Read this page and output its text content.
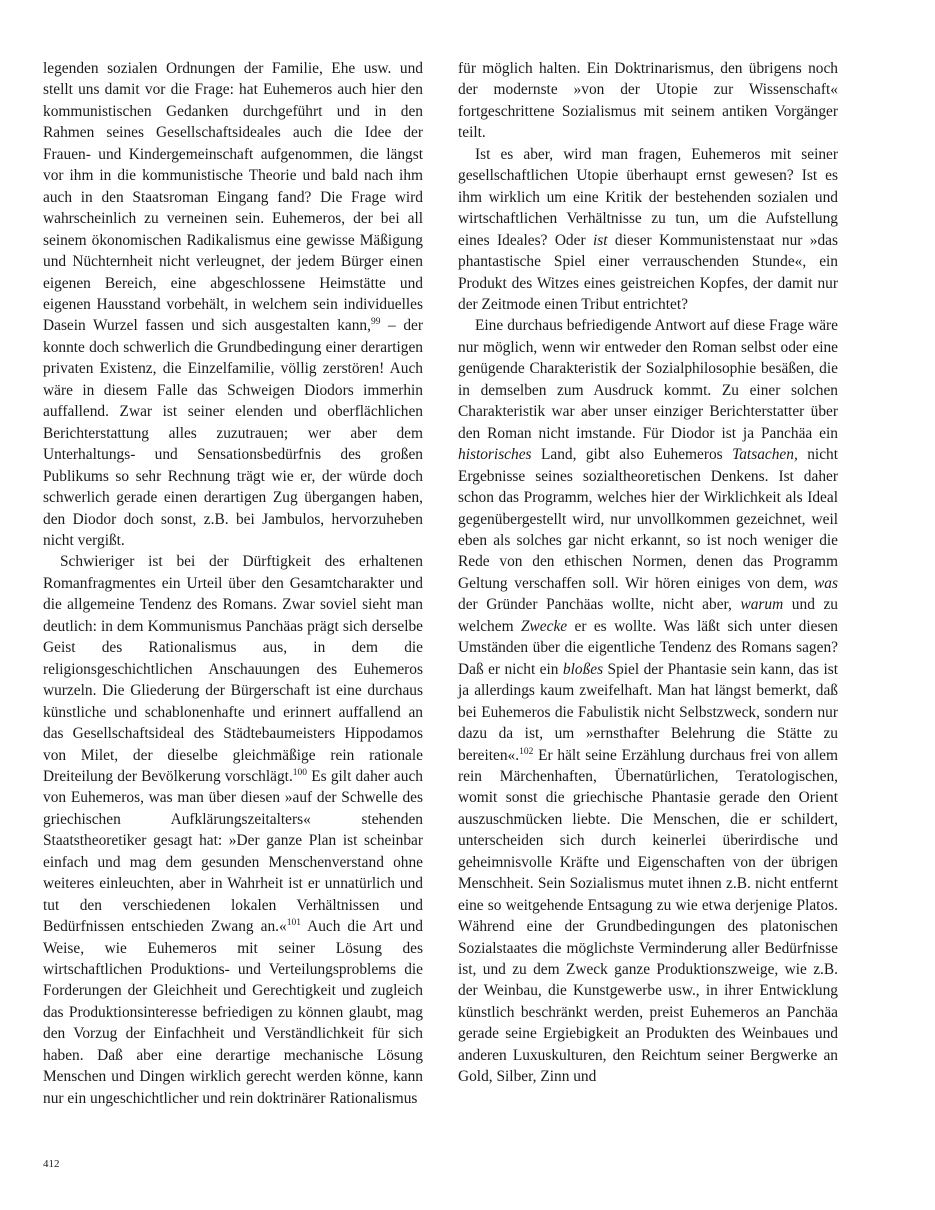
legenden sozialen Ordnungen der Familie, Ehe usw. und stellt uns damit vor die Frage: hat Euhemeros auch hier den kommunistischen Gedanken durchgeführt und in den Rahmen seines Gesellschaftsideales auch die Idee der Frauen- und Kindergemeinschaft aufgenommen, die längst vor ihm in die kommunistische Theorie und bald nach ihm auch in den Staatsroman Eingang fand? Die Frage wird wahrscheinlich zu verneinen sein. Euhemeros, der bei all seinem ökonomischen Radikalismus eine gewisse Mäßigung und Nüchternheit nicht verleugnet, der jedem Bürger einen eigenen Bereich, eine abgeschlossene Heimstätte und eigenen Hausstand vorbehält, in welchem sein individuelles Dasein Wurzel fassen und sich ausgestalten kann,$^{99}$ – der konnte doch schwerlich die Grundbedingung einer derartigen privaten Existenz, die Einzelfamilie, völlig zerstören! Auch wäre in diesem Falle das Schweigen Diodors immerhin auffallend. Zwar ist seiner elenden und oberflächlichen Berichterstattung alles zuzutrauen; wer aber dem Unterhaltungs- und Sensationsbedürfnis des großen Publikums so sehr Rechnung trägt wie er, der würde doch schwerlich gerade einen derartigen Zug übergangen haben, den Diodor doch sonst, z.B. bei Jambulos, hervorzuheben nicht vergißt.

Schwieriger ist bei der Dürftigkeit des erhaltenen Romanfragmentes ein Urteil über den Gesamtcharakter und die allgemeine Tendenz des Romans. Zwar soviel sieht man deutlich: in dem Kommunismus Panchäas prägt sich derselbe Geist des Rationalismus aus, in dem die religionsgeschichtlichen Anschauungen des Euhemeros wurzeln. Die Gliederung der Bürgerschaft ist eine durchaus künstliche und schablonenhafte und erinnert auffallend an das Gesellschaftsideal des Städtebaumeisters Hippodamos von Milet, der dieselbe gleichmäßige rein rationale Dreiteilung der Bevölkerung vorschlägt.$^{100}$ Es gilt daher auch von Euhemeros, was man über diesen »auf der Schwelle des griechischen Aufklärungszeitalters« stehenden Staatstheoretiker gesagt hat: »Der ganze Plan ist scheinbar einfach und mag dem gesunden Menschenverstand ohne weiteres einleuchten, aber in Wahrheit ist er unnatürlich und tut den verschiedenen lokalen Verhältnissen und Bedürfnissen entschieden Zwang an.«$^{101}$ Auch die Art und Weise, wie Euhemeros mit seiner Lösung des wirtschaftlichen Produktions- und Verteilungsproblems die Forderungen der Gleichheit und Gerechtigkeit und zugleich das Produktionsinteresse befriedigen zu können glaubt, mag den Vorzug der Einfachheit und Verständlichkeit für sich haben. Daß aber eine derartige mechanische Lösung Menschen und Dingen wirklich gerecht werden könne, kann nur ein ungeschichtlicher und rein doktrinärer Rationalismus

für möglich halten. Ein Doktrinarismus, den übrigens noch der modernste »von der Utopie zur Wissenschaft« fortgeschrittene Sozialismus mit seinem antiken Vorgänger teilt.

Ist es aber, wird man fragen, Euhemeros mit seiner gesellschaftlichen Utopie überhaupt ernst gewesen? Ist es ihm wirklich um eine Kritik der bestehenden sozialen und wirtschaftlichen Verhältnisse zu tun, um die Aufstellung eines Ideales? Oder ist dieser Kommunistenstaat nur »das phantastische Spiel einer verrauschenden Stunde«, ein Produkt des Witzes eines geistreichen Kopfes, der damit nur der Zeitmode einen Tribut entrichtet?

Eine durchaus befriedigende Antwort auf diese Frage wäre nur möglich, wenn wir entweder den Roman selbst oder eine genügende Charakteristik der Sozialphilosophie besäßen, die in demselben zum Ausdruck kommt. Zu einer solchen Charakteristik war aber unser einziger Berichterstatter über den Roman nicht imstande. Für Diodor ist ja Panchäa ein historisches Land, gibt also Euhemeros Tatsachen, nicht Ergebnisse seines sozialtheoretischen Denkens. Ist daher schon das Programm, welches hier der Wirklichkeit als Ideal gegenübergestellt wird, nur unvollkommen gezeichnet, weil eben als solches gar nicht erkannt, so ist noch weniger die Rede von den ethischen Normen, denen das Programm Geltung verschaffen soll. Wir hören einiges von dem, was der Gründer Panchäas wollte, nicht aber, warum und zu welchem Zwecke er es wollte. Was läßt sich unter diesen Umständen über die eigentliche Tendenz des Romans sagen? Daß er nicht ein bloßes Spiel der Phantasie sein kann, das ist ja allerdings kaum zweifelhaft. Man hat längst bemerkt, daß bei Euhemeros die Fabulistik nicht Selbstzweck, sondern nur dazu da ist, um »ernsthafter Belehrung die Stätte zu bereiten«.$^{102}$ Er hält seine Erzählung durchaus frei von allem rein Märchenhaften, Übernatürlichen, Teratologischen, womit sonst die griechische Phantasie gerade den Orient auszuschmücken liebte. Die Menschen, die er schildert, unterscheiden sich durch keinerlei überirdische und geheimnisvolle Kräfte und Eigenschaften von der übrigen Menschheit. Sein Sozialismus mutet ihnen z.B. nicht entfernt eine so weitgehende Entsagung zu wie etwa derjenige Platos. Während eine der Grundbedingungen des platonischen Sozialstaates die möglichste Verminderung aller Bedürfnisse ist, und zu dem Zweck ganze Produktionszweige, wie z.B. der Weinbau, die Kunstgewerbe usw., in ihrer Entwicklung künstlich beschränkt werden, preist Euhemeros an Panchäa gerade seine Ergiebigkeit an Produkten des Weinbaues und anderen Luxuskulturen, den Reichtum seiner Bergwerke an Gold, Silber, Zinn und

412
